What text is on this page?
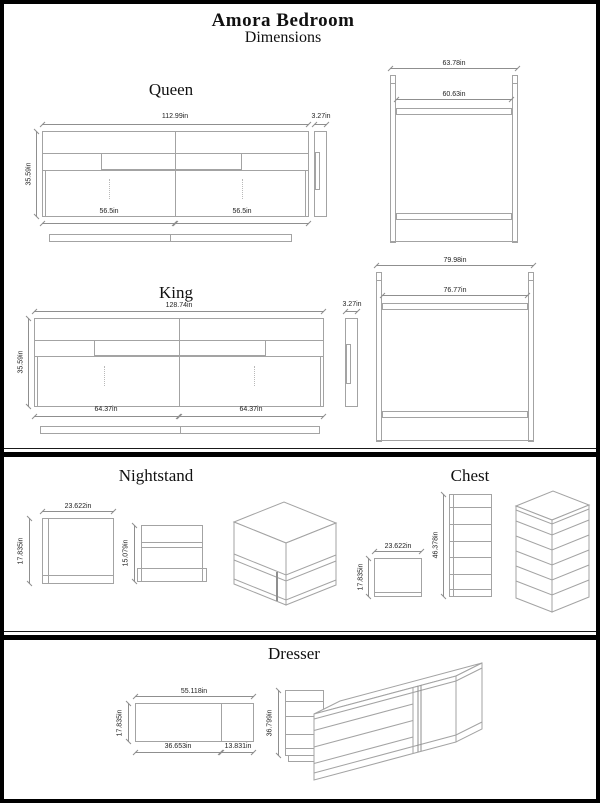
Amora Bedroom
Dimensions
Queen
112.99in
35.59in
56.5in	56.5in
3.27in
63.78in
60.63in
King
128.74in
35.59in
64.37in	64.37in
3.27in
79.98in
76.77in
Nightstand
23.622in
17.835in	15.079in
Chest
23.622in
17.835in
46.378in
Dresser
55.118in
17.835in
36.653in	13.831in
36.799in
